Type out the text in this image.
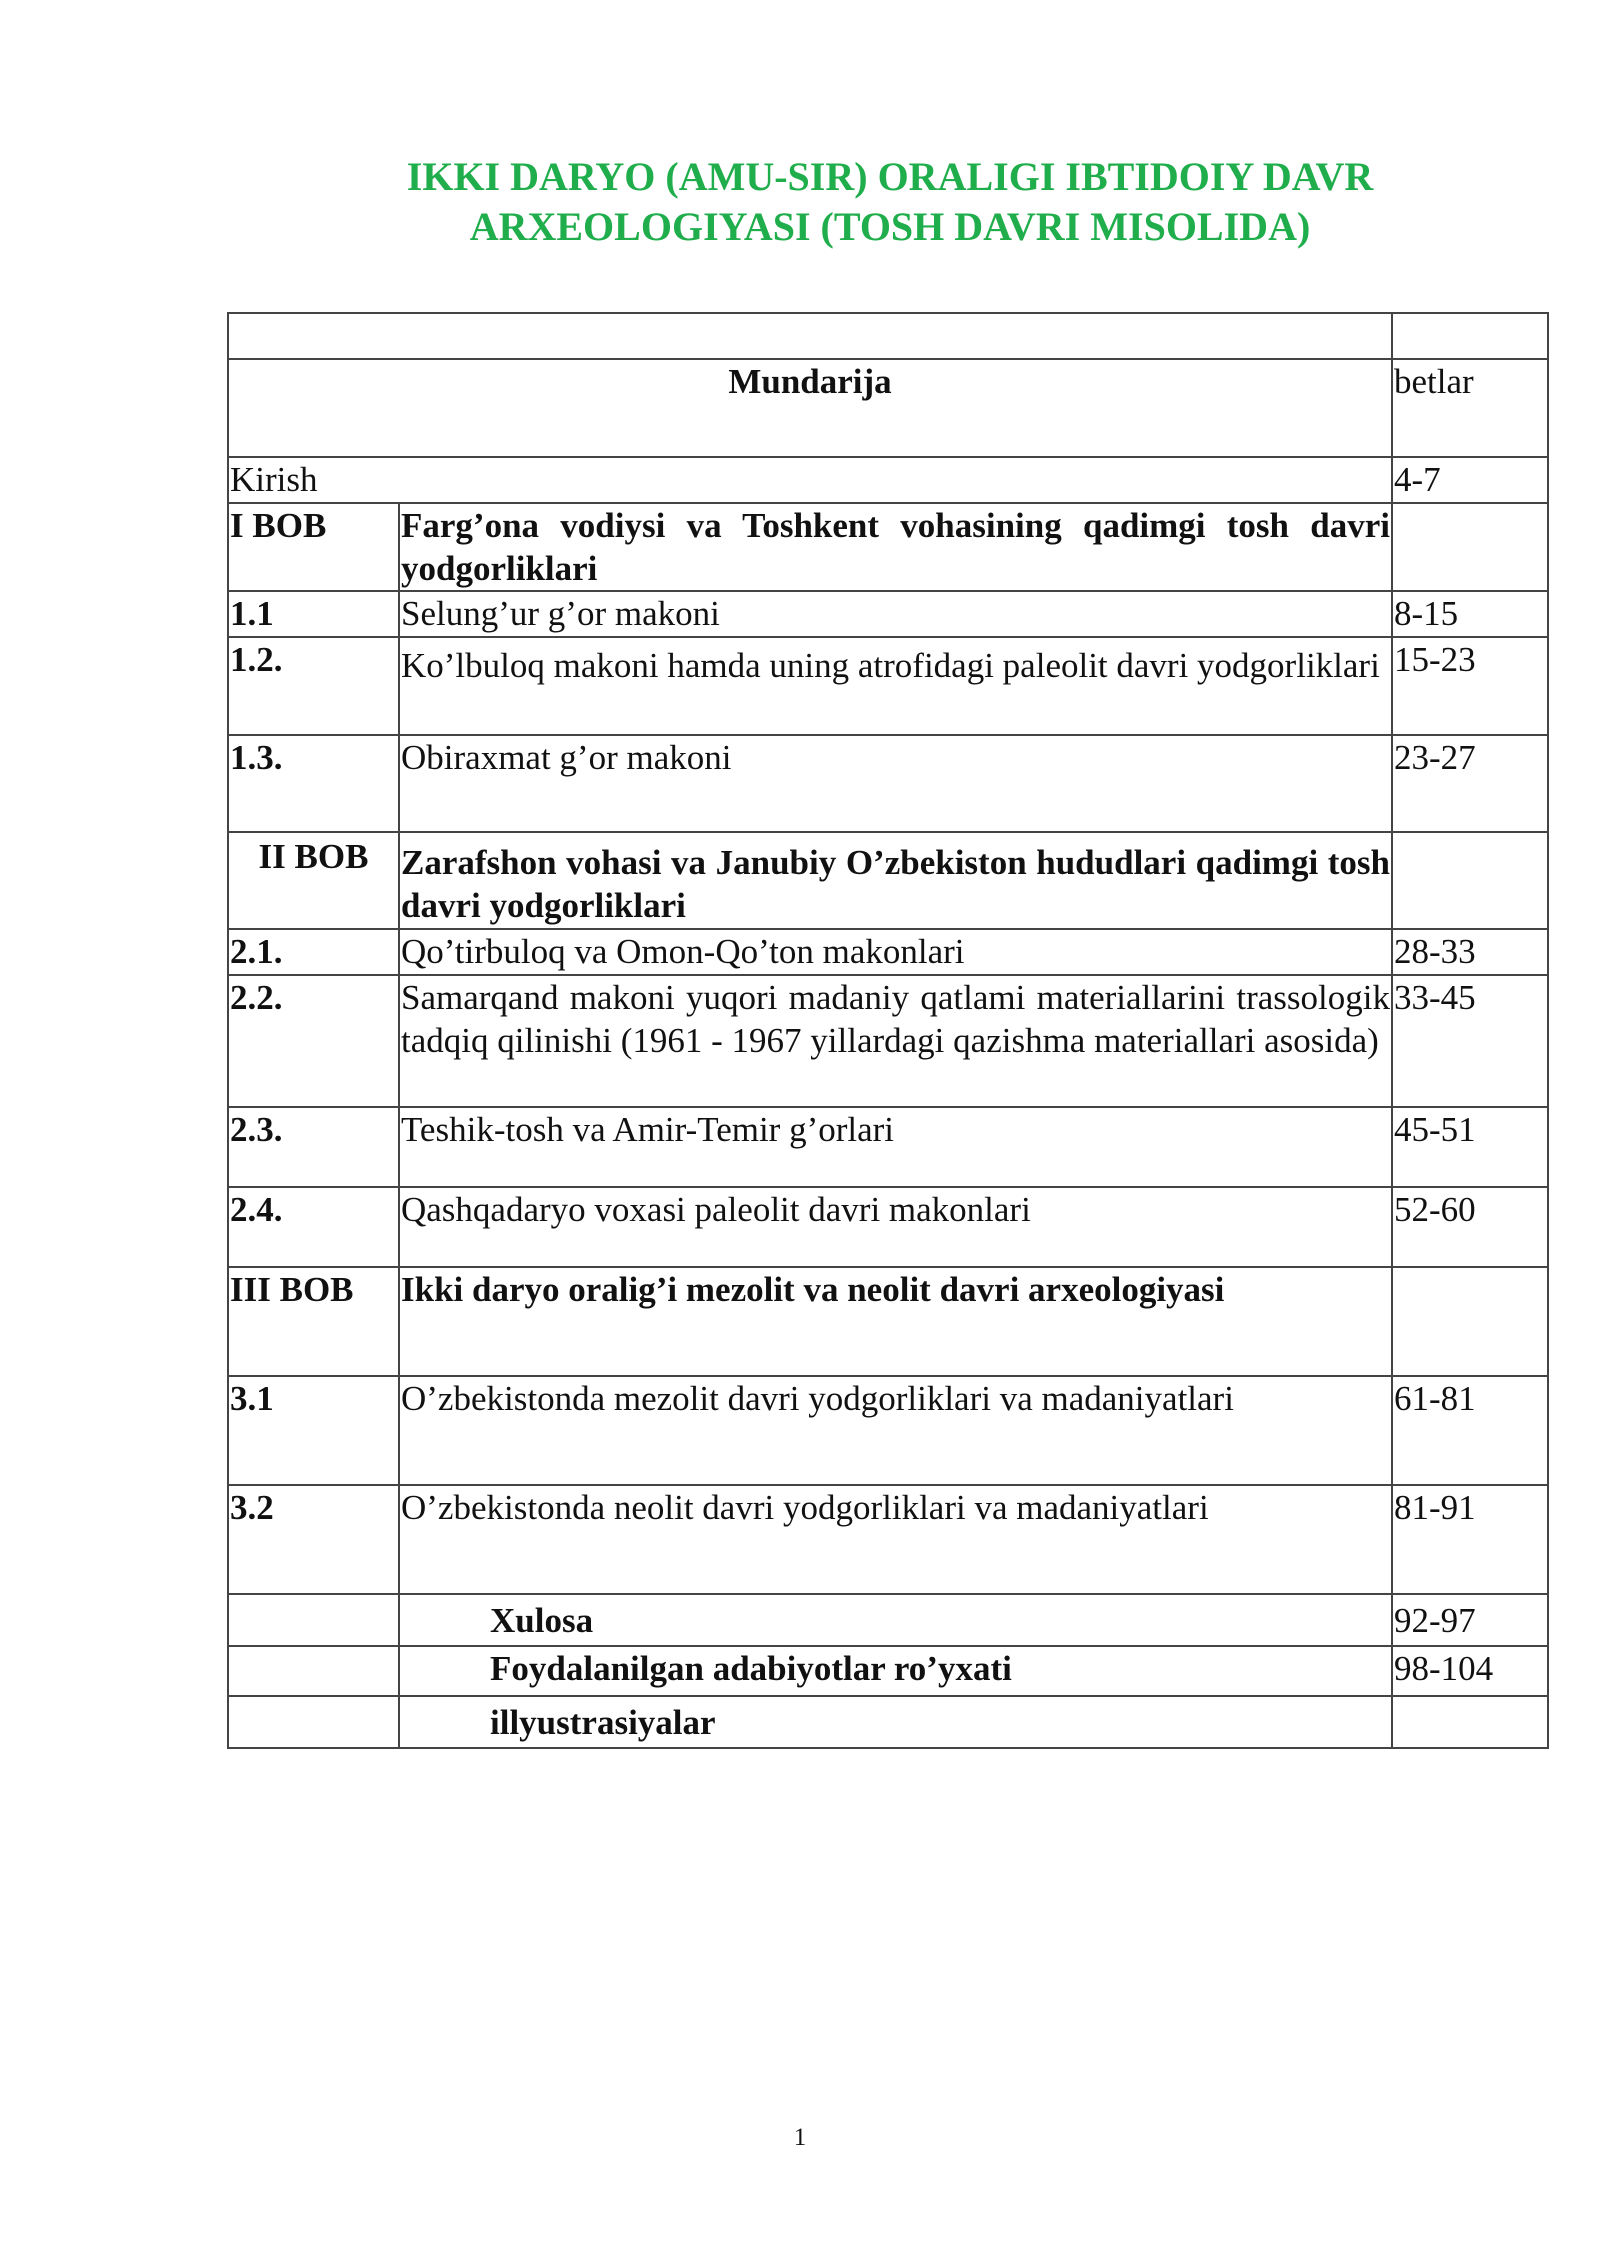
IKKI DARYO (AMU-SIR) ORALIGI IBTIDOIY DAVR
ARXEOLOGIYASI (TOSH DAVRI MISOLIDA)

Mundarija		betlar
Kirish		4-7
I BOB	Farg’ona vodiysi va Toshkent vohasining qadimgi tosh davri yodgorliklari	
1.1	Selung’ur g’or makoni	8-15
1.2.	Ko’lbuloq makoni hamda uning atrofidagi paleolit davri yodgorliklari	15-23
1.3.	Obiraxmat g’or makoni	23-27
II BOB	Zarafshon vohasi va Janubiy O’zbekiston hududlari qadimgi tosh davri yodgorliklari	
2.1.	Qo’tirbuloq va Omon-Qo’ton makonlari	28-33
2.2.	Samarqand makoni yuqori madaniy qatlami materiallarini trassologik tadqiq qilinishi (1961 - 1967 yillardagi qazishma materiallari asosida)	33-45
2.3.	Teshik-tosh va Amir-Temir g’orlari	45-51
2.4.	Qashqadaryo voxasi paleolit davri makonlari	52-60
III BOB	Ikki daryo oralig’i mezolit va neolit davri arxeologiyasi	
3.1	O’zbekistonda mezolit davri yodgorliklari va madaniyatlari	61-81
3.2	O’zbekistonda neolit davri yodgorliklari va madaniyatlari	81-91
	Xulosa	92-97
	Foydalanilgan adabiyotlar ro’yxati	98-104
	illyustrasiyalar	
1
